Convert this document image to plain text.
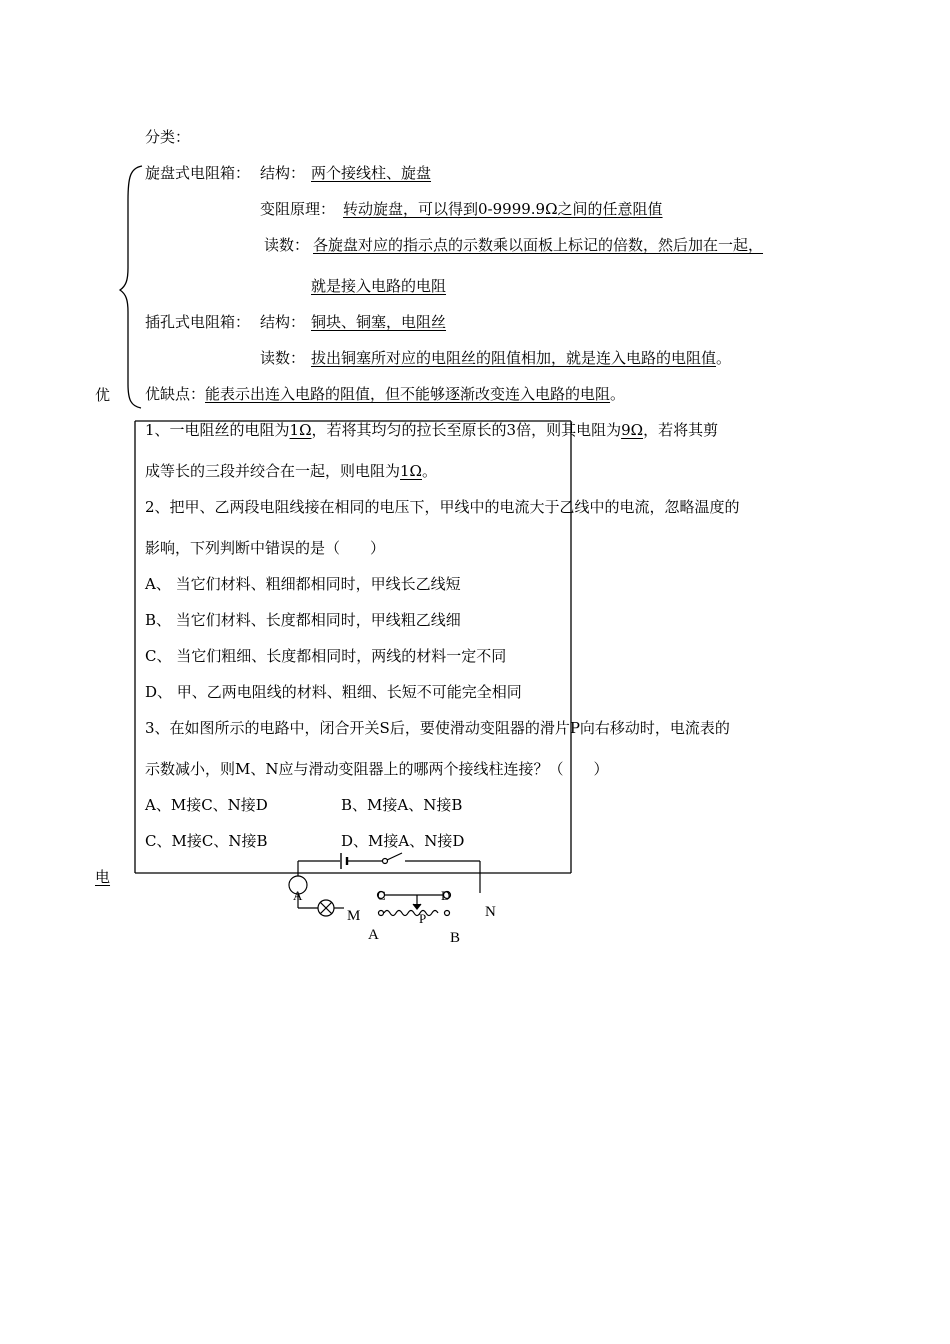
分类：
旋盘式电阻箱： 结构： 两个接线柱、旋盘
变阻原理： 转动旋盘，可以得到0-9999.9Ω之间的任意阻值
读数： 各旋盘对应的指示点的示数乘以面板上标记的倍数，然后加在一起，
就是接入电路的电阻
插孔式电阻箱： 结构： 铜块、铜塞，电阻丝
读数： 拔出铜塞所对应的电阻丝的阻值相加，就是连入电路的电阻值。
优缺点：能表示出连入电路的阻值，但不能够逐渐改变连入电路的电阻。
优
电
1、一电阻丝的电阻为1Ω，若将其均匀的拉长至原长的3倍，则其电阻为9Ω，若将其剪
成等长的三段并绞合在一起，则电阻为1Ω。
2、把甲、乙两段电阻线接在相同的电压下，甲线中的电流大于乙线中的电流，忽略温度的
影响，下列判断中错误的是（　　）
A、 当它们材料、粗细都相同时，甲线长乙线短
B、 当它们材料、长度都相同时，甲线粗乙线细
C、 当它们粗细、长度都相同时，两线的材料一定不同
D、 甲、乙两电阻线的材料、粗细、长短不可能完全相同
3、在如图所示的电路中，闭合开关S后，要使滑动变阻器的滑片P向右移动时，电流表的
示数减小，则M、N应与滑动变阻器上的哪两个接线柱连接？（　　）
A、M接C、N接D	B、M接A、N接B
C、M接C、N接B	D、M接A、N接D
A
M	N
C	D
P
A	B
